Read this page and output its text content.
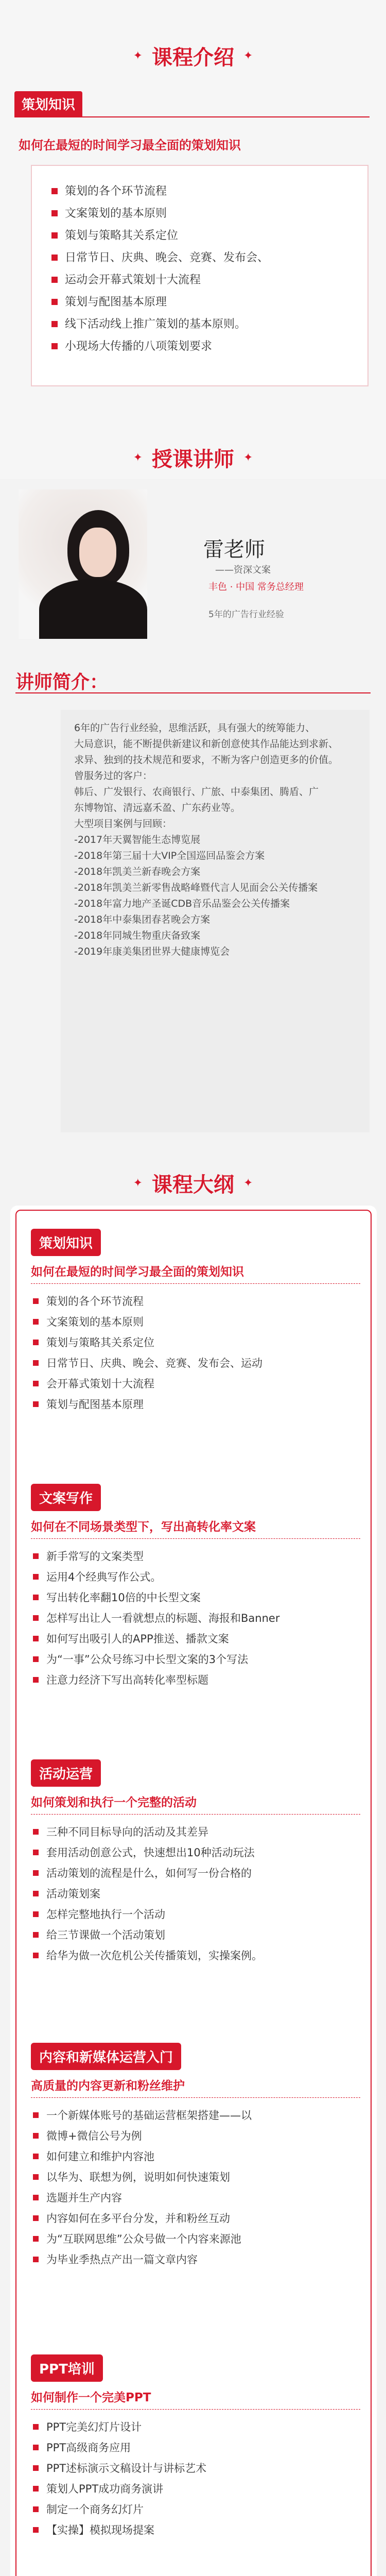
✦ 课程介绍 ✦
策划知识
如何在最短的时间学习最全面的策划知识
策划的各个环节流程
文案策划的基本原则
策划与策略其关系定位
日常节日、庆典、晚会、竞赛、发布会、
运动会开幕式策划十大流程
策划与配图基本原理
线下活动线上推广策划的基本原则。
小现场大传播的八项策划要求
✦ 授课讲师 ✦
雷老师
——资深文案
丰色 · 中国 常务总经理
5年的广告行业经验
讲师简介：

6年的广告行业经验，思维活跃，具有强大的统筹能力、

大局意识，能不断提供新建议和新创意使其作品能达到求新、

求异、独到的技术规范和要求，不断为客户创造更多的价值。

曾服务过的客户：

韩后、广发银行、农商银行、广旅、中泰集团、腾盾、广

东博物馆、清远嘉禾盈、广东药业等。

大型项目案例与回顾：

-2017年天翼智能生态博览展

-2018年第三届十大VIP全国巡回品鉴会方案

-2018年凯美兰新春晚会方案

-2018年凯美兰新零售战略峰暨代言人见面会公关传播案

-2018年富力地产圣诞CDB音乐品鉴会公关传播案

-2018年中泰集团春茗晚会方案

-2018年同城生物重庆备致案

-2019年康美集团世界大健康博览会

✦ 课程大纲 ✦
策划知识
如何在最短的时间学习最全面的策划知识
策划的各个环节流程
文案策划的基本原则
策划与策略其关系定位
日常节日、庆典、晚会、竞赛、发布会、运动
会开幕式策划十大流程
策划与配图基本原理
文案写作
如何在不同场景类型下，写出高转化率文案
新手常写的文案类型
运用4个经典写作公式。
写出转化率翻10倍的中长型文案
怎样写出让人一看就想点的标题、海报和Banner
如何写出吸引人的APP推送、播款文案
为“一事”公众号练习中长型文案的3个写法
注意力经济下写出高转化率型标题
活动运营
如何策划和执行一个完整的活动
三种不同目标导向的活动及其差异
套用活动创意公式，快速想出10种活动玩法
活动策划的流程是什么，如何写一份合格的
活动策划案
怎样完整地执行一个活动
给三节课做一个活动策划
给华为做一次危机公关传播策划，实操案例。
内容和新媒体运营入门
高质量的内容更新和粉丝维护
一个新媒体账号的基础运营框架搭建——以
微博+微信公号为例
如何建立和维护内容池
以华为、联想为例，说明如何快速策划
选题并生产内容
内容如何在多平台分发，并和粉丝互动
为“互联网思维”公众号做一个内容来源池
为毕业季热点产出一篇文章内容
PPT培训
如何制作一个完美PPT
PPT完美幻灯片设计
PPT高级商务应用
PPT述标演示文稿设计与讲标艺术
策划人PPT成功商务演讲
制定一个商务幻灯片
【实操】模拟现场提案
